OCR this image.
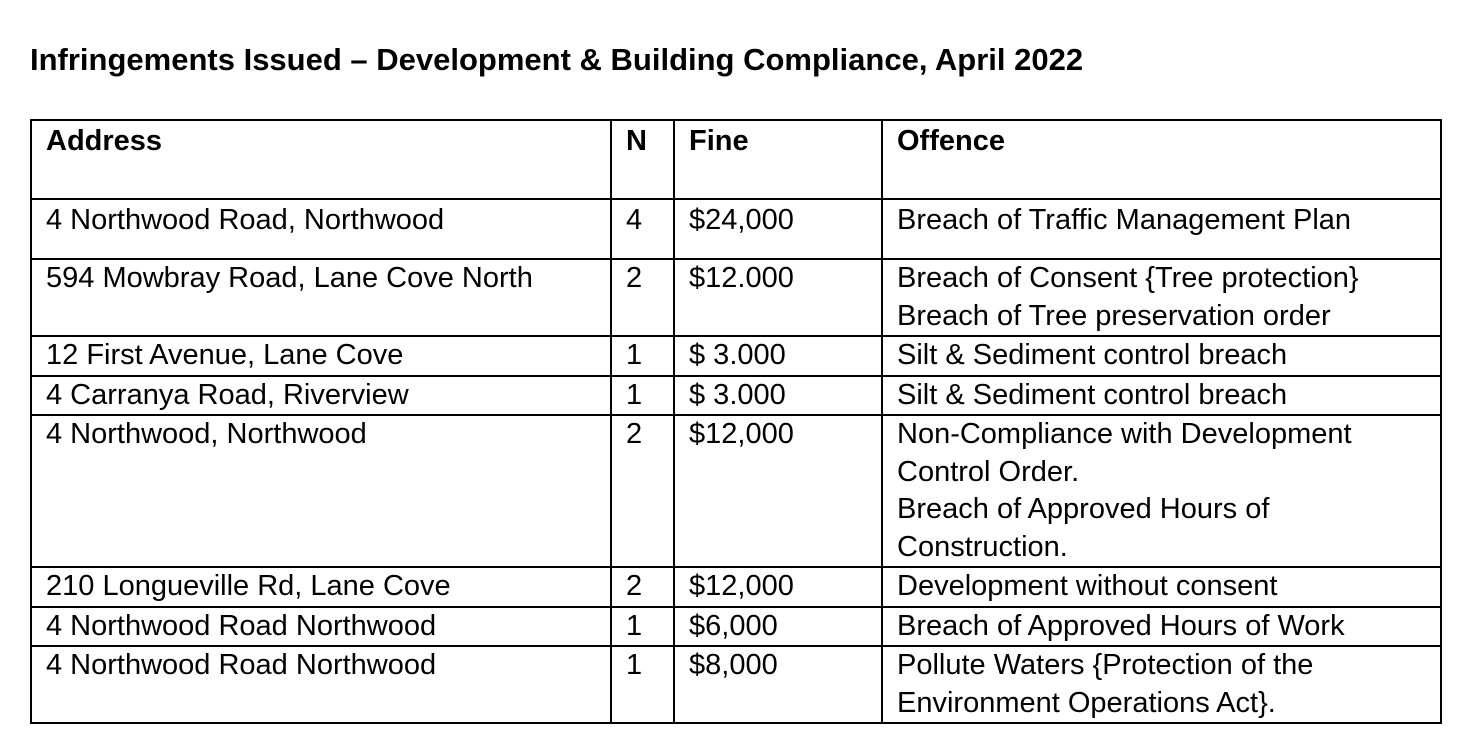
Infringements Issued – Development & Building Compliance, April 2022
Address	N	Fine	Offence
4 Northwood Road, Northwood	4	$24,000	Breach of Traffic Management Plan

594 Mowbray Road, Lane Cove North	2	$12.000	Breach of Consent {Tree protection}
Breach of Tree preservation order

12 First Avenue, Lane Cove	1	$ 3.000	Silt & Sediment control breach

4 Carranya Road, Riverview	1	$ 3.000	Silt & Sediment control breach

4 Northwood, Northwood	2	$12,000	Non-Compliance with Development
Control Order.
Breach of Approved Hours of
Construction.

210 Longueville Rd, Lane Cove	2	$12,000	Development without consent

4 Northwood Road Northwood	1	$6,000	Breach of Approved Hours of Work

4 Northwood Road Northwood	1	$8,000	Pollute Waters {Protection of the
Environment Operations Act}.
